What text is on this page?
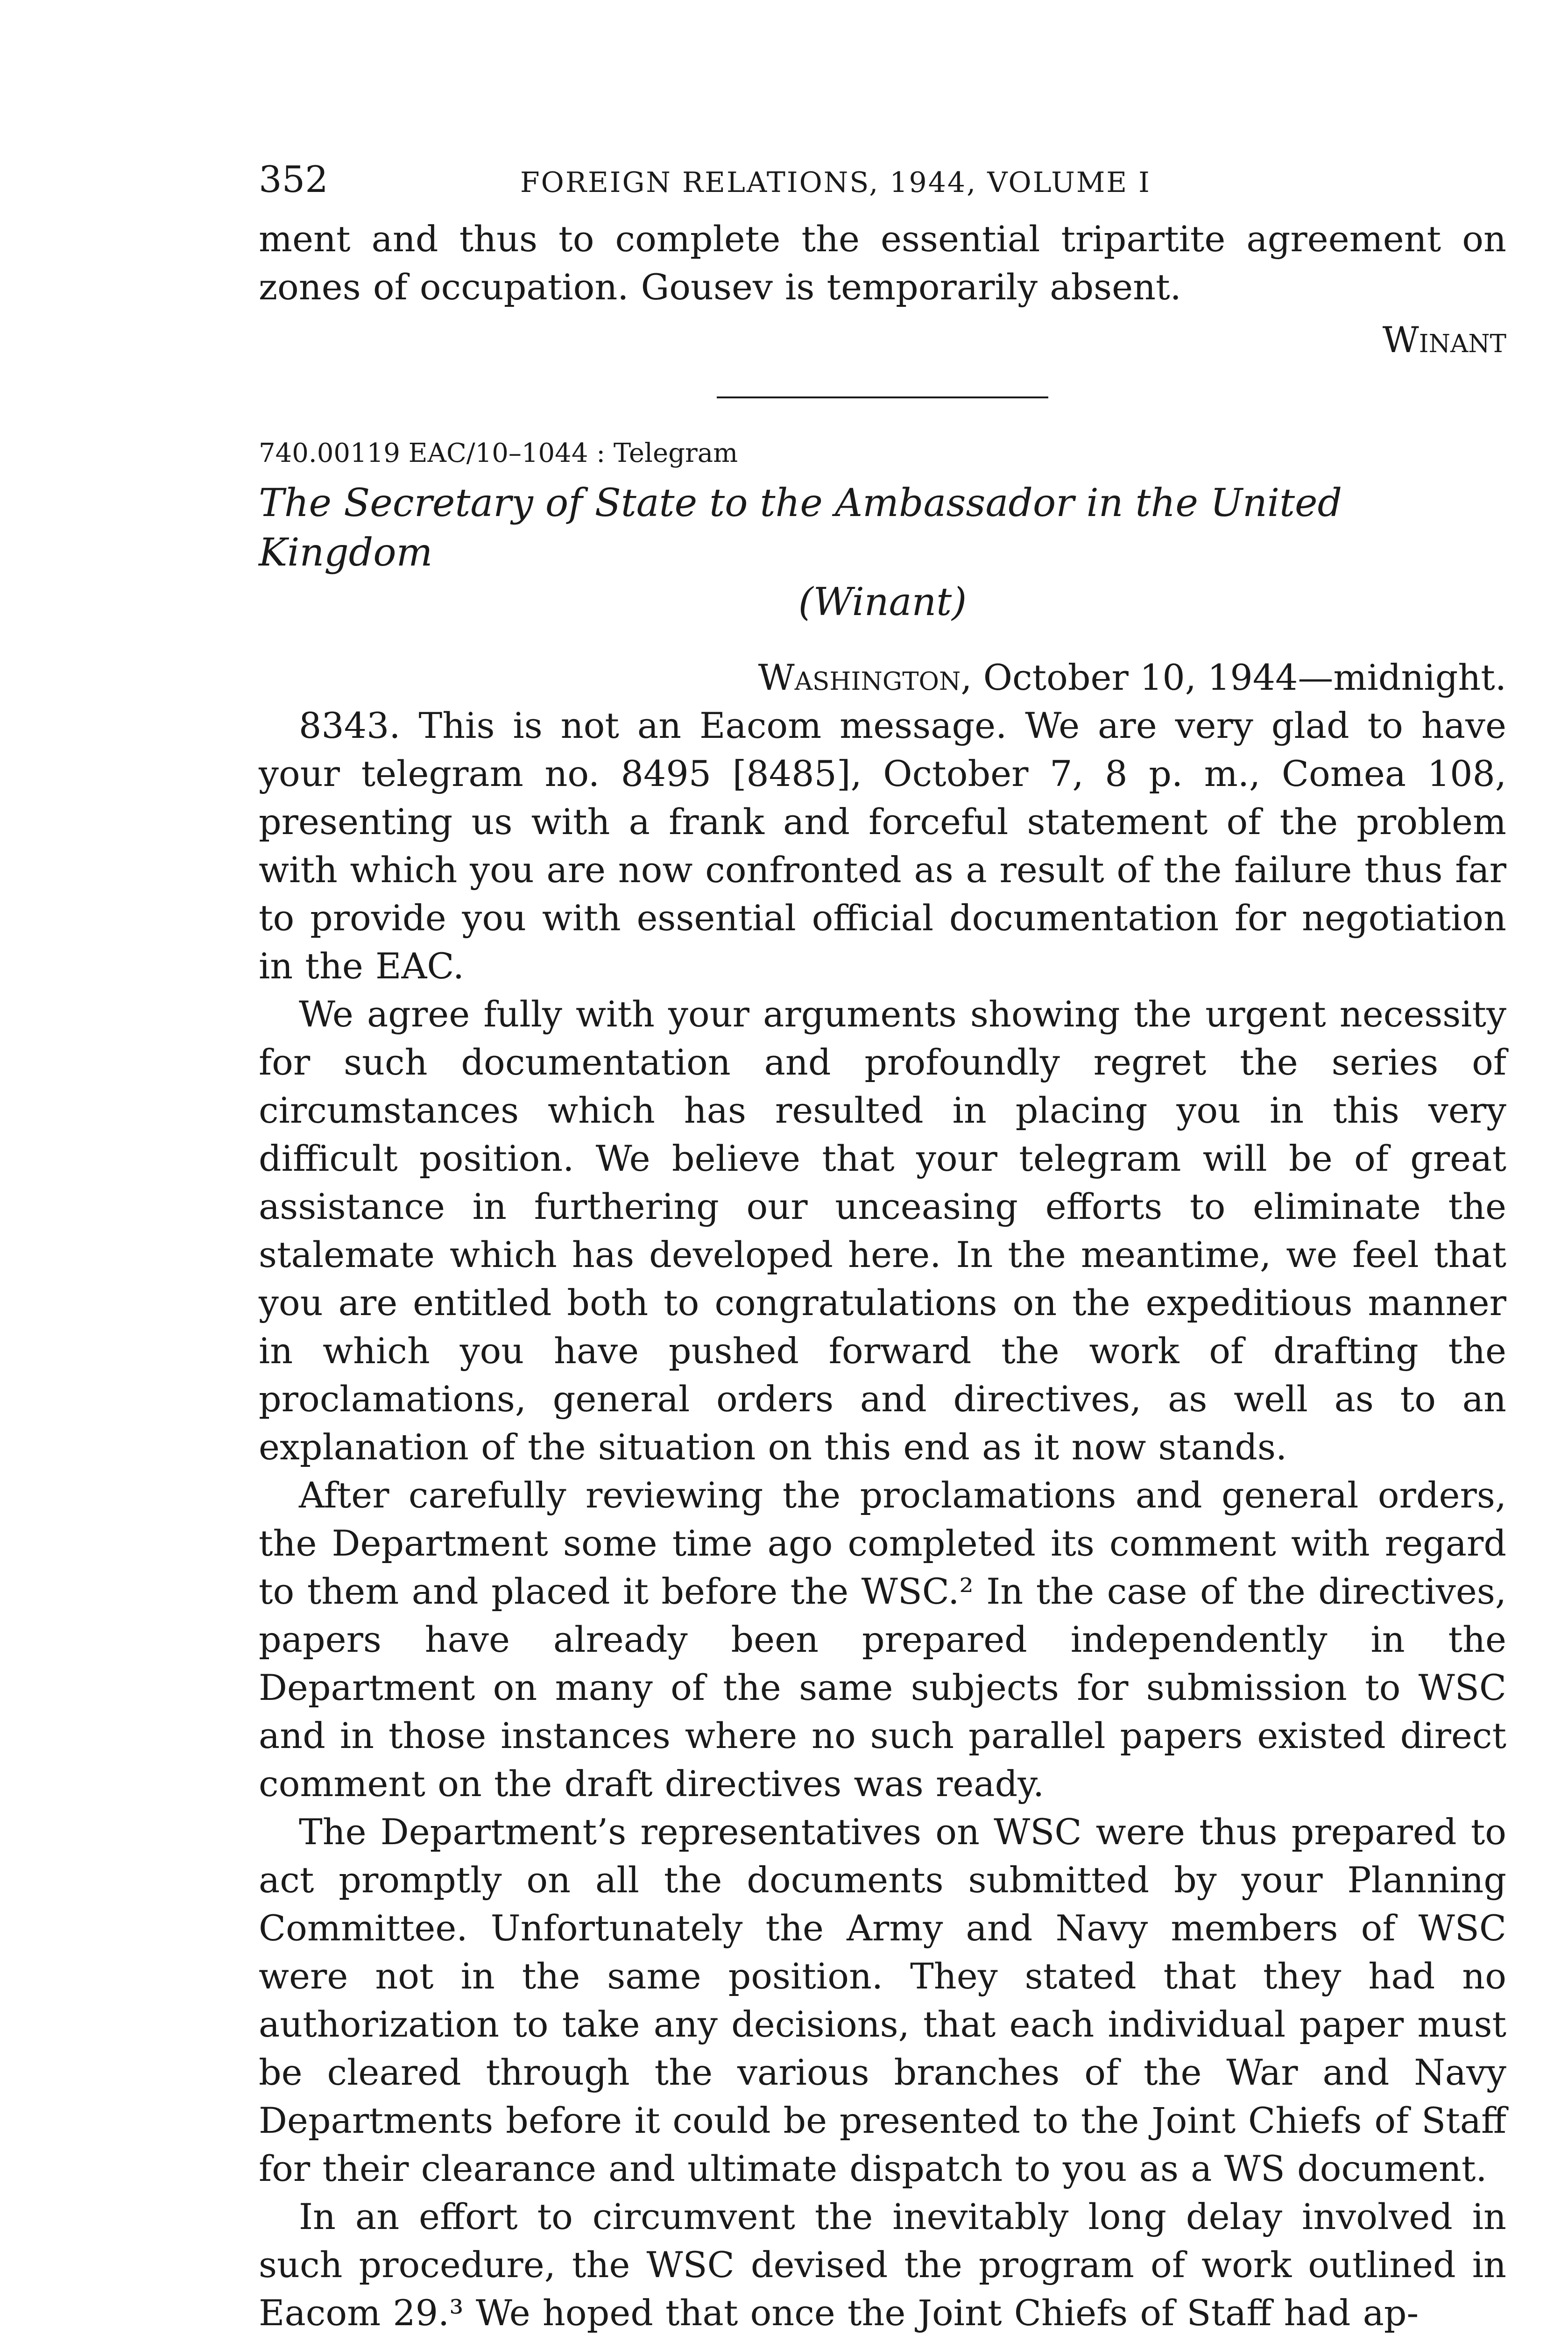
352	FOREIGN RELATIONS, 1944, VOLUME I

ment and thus to complete the essential tripartite agreement on zones of occupation. Gousev is temporarily absent.

Winant

740.00119 EAC/10–1044 : Telegram

The Secretary of State to the Ambassador in the United Kingdom

(Winant)

Washington, October 10, 1944—midnight.

8343. This is not an Eacom message. We are very glad to have your telegram no. 8495 [8485], October 7, 8 p. m., Comea 108, presenting us with a frank and forceful statement of the problem with which you are now confronted as a result of the failure thus far to provide you with essential official documentation for negotiation in the EAC.

We agree fully with your arguments showing the urgent necessity for such documentation and profoundly regret the series of circumstances which has resulted in placing you in this very difficult position. We believe that your telegram will be of great assistance in furthering our unceasing efforts to eliminate the stalemate which has developed here. In the meantime, we feel that you are entitled both to congratulations on the expeditious manner in which you have pushed forward the work of drafting the proclamations, general orders and directives, as well as to an explanation of the situation on this end as it now stands.

After carefully reviewing the proclamations and general orders, the Department some time ago completed its comment with regard to them and placed it before the WSC.² In the case of the directives, papers have already been prepared independently in the Department on many of the same subjects for submission to WSC and in those instances where no such parallel papers existed direct comment on the draft directives was ready.

The Department’s representatives on WSC were thus prepared to act promptly on all the documents submitted by your Planning Committee. Unfortunately the Army and Navy members of WSC were not in the same position. They stated that they had no authorization to take any decisions, that each individual paper must be cleared through the various branches of the War and Navy Departments before it could be presented to the Joint Chiefs of Staff for their clearance and ultimate dispatch to you as a WS document.

In an effort to circumvent the inevitably long delay involved in such procedure, the WSC devised the program of work outlined in Eacom 29.³ We hoped that once the Joint Chiefs of Staff had ap-
